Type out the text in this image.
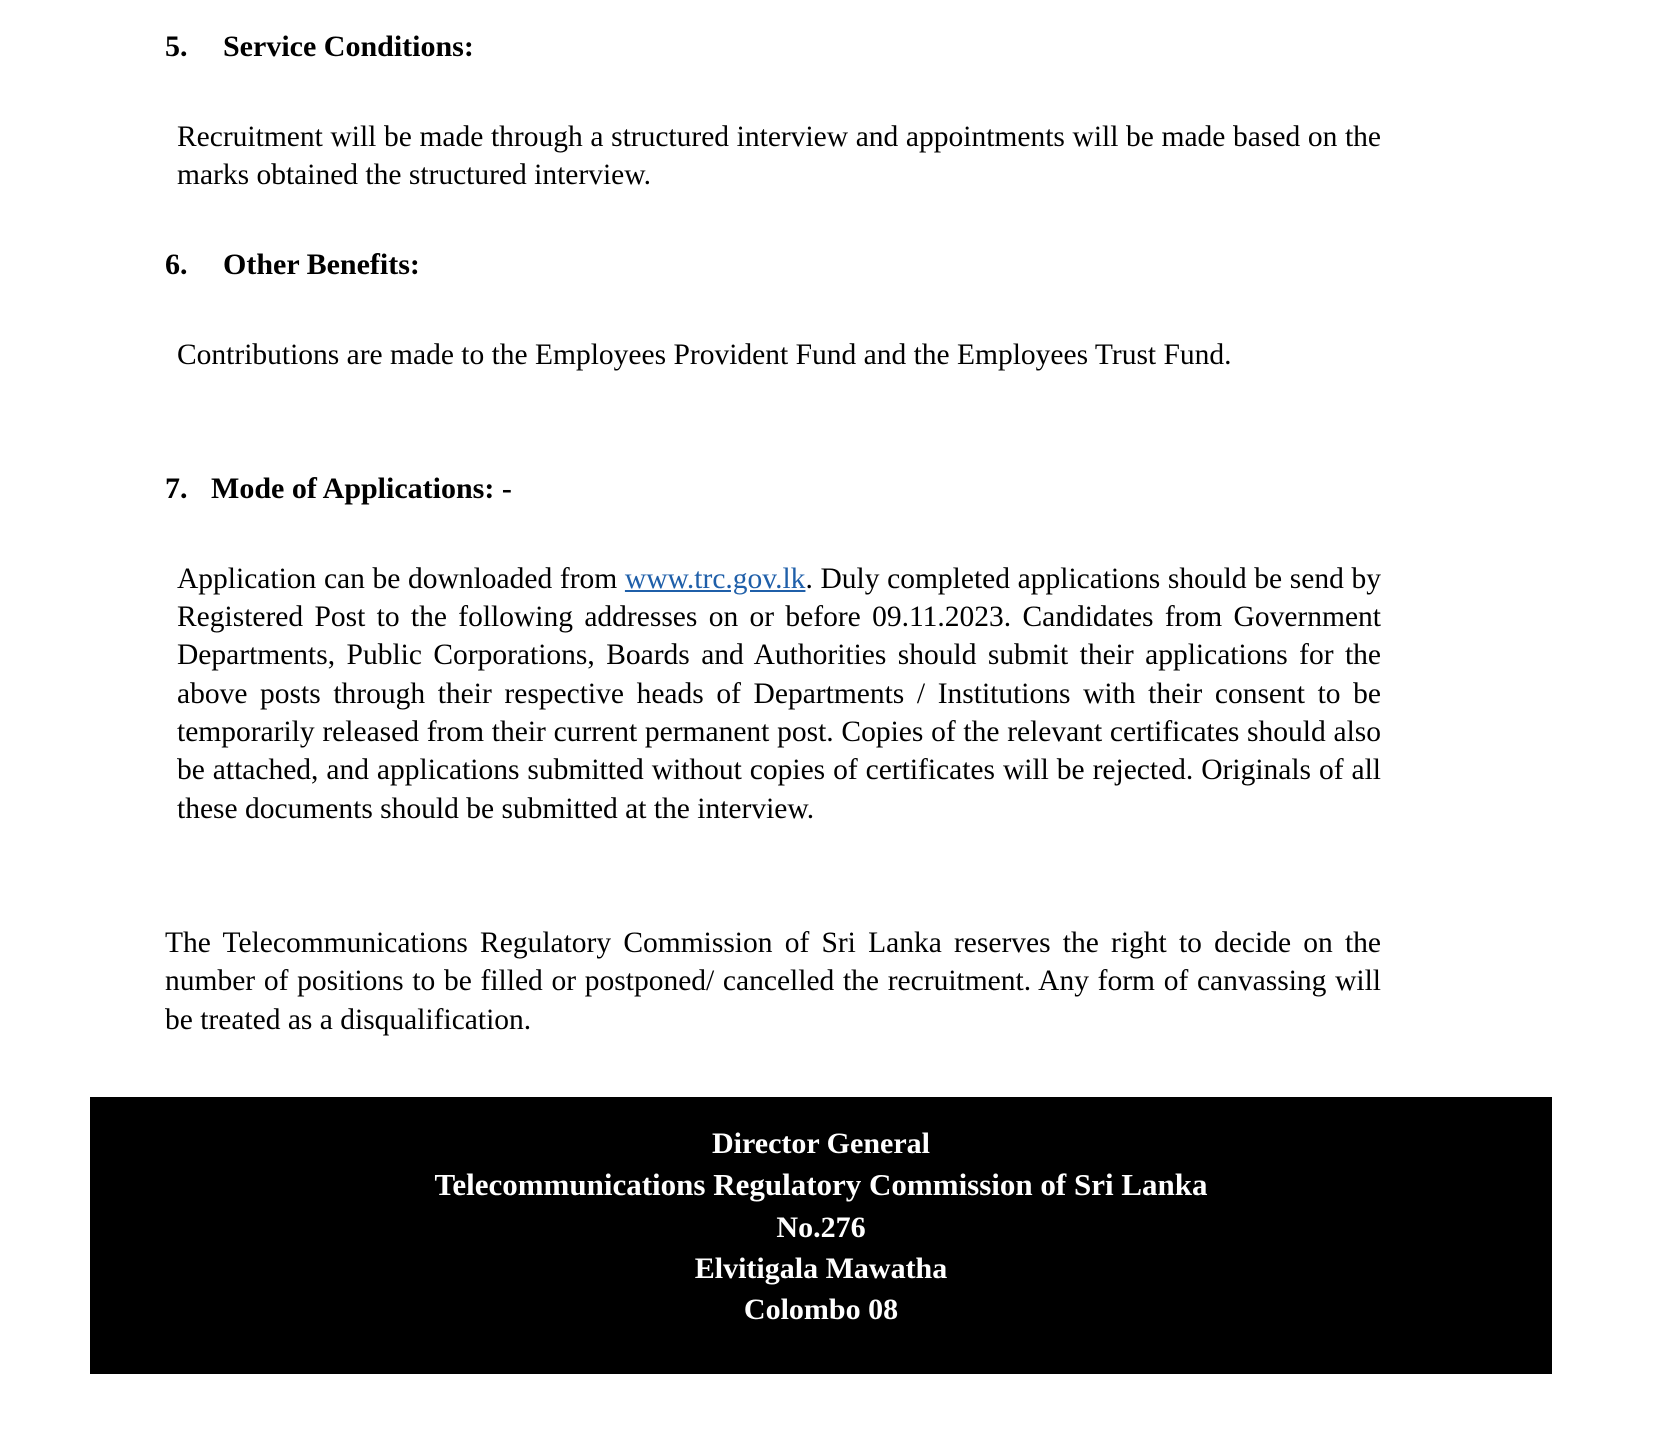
5. Service Conditions:

Recruitment will be made through a structured interview and appointments will be made based on the marks obtained the structured interview.

6. Other Benefits:

Contributions are made to the Employees Provident Fund and the Employees Trust Fund.

7. Mode of Applications: -

Application can be downloaded from www.trc.gov.lk. Duly completed applications should be send by Registered Post to the following addresses on or before 09.11.2023. Candidates from Government Departments, Public Corporations, Boards and Authorities should submit their applications for the above posts through their respective heads of Departments / Institutions with their consent to be temporarily released from their current permanent post. Copies of the relevant certificates should also be attached, and applications submitted without copies of certificates will be rejected. Originals of all these documents should be submitted at the interview.

The Telecommunications Regulatory Commission of Sri Lanka reserves the right to decide on the number of positions to be filled or postponed/ cancelled the recruitment. Any form of canvassing will be treated as a disqualification.

Director General
Telecommunications Regulatory Commission of Sri Lanka
No.276
Elvitigala Mawatha
Colombo 08
